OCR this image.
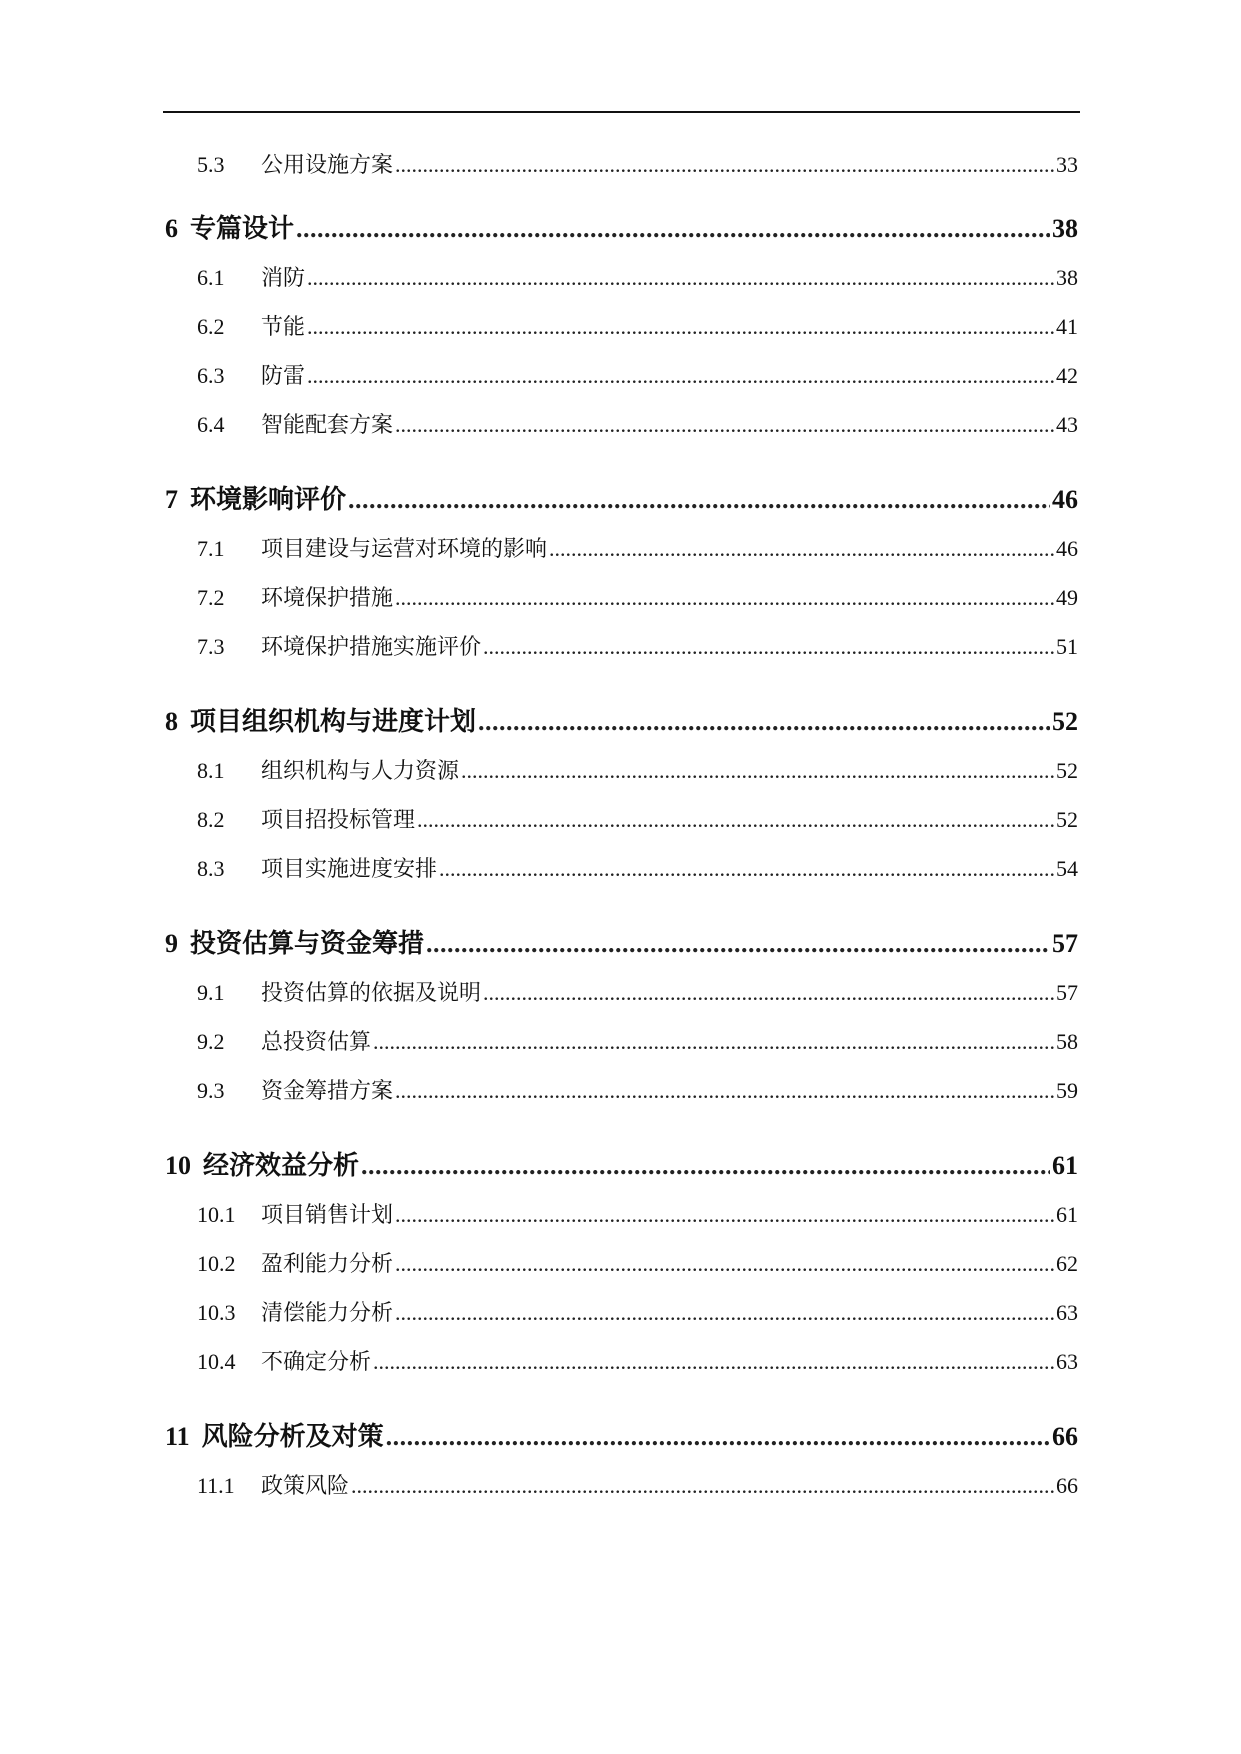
5.3	公用设施方案 .....	33
6 专篇设计 .....	38
6.1	消防 .....	38
6.2	节能 .....	41
6.3	防雷 .....	42
6.4	智能配套方案 .....	43
7 环境影响评价 .....	46
7.1	项目建设与运营对环境的影响 .....	46
7.2	环境保护措施 .....	49
7.3	环境保护措施实施评价 .....	51
8 项目组织机构与进度计划 .....	52
8.1	组织机构与人力资源 .....	52
8.2	项目招投标管理 .....	52
8.3	项目实施进度安排 .....	54
9 投资估算与资金筹措 .....	57
9.1	投资估算的依据及说明 .....	57
9.2	总投资估算 .....	58
9.3	资金筹措方案 .....	59
10 经济效益分析 .....	61
10.1	项目销售计划 .....	61
10.2	盈利能力分析 .....	62
10.3	清偿能力分析 .....	63
10.4	不确定分析 .....	63
11 风险分析及对策 .....	66
11.1	政策风险 .....	66
